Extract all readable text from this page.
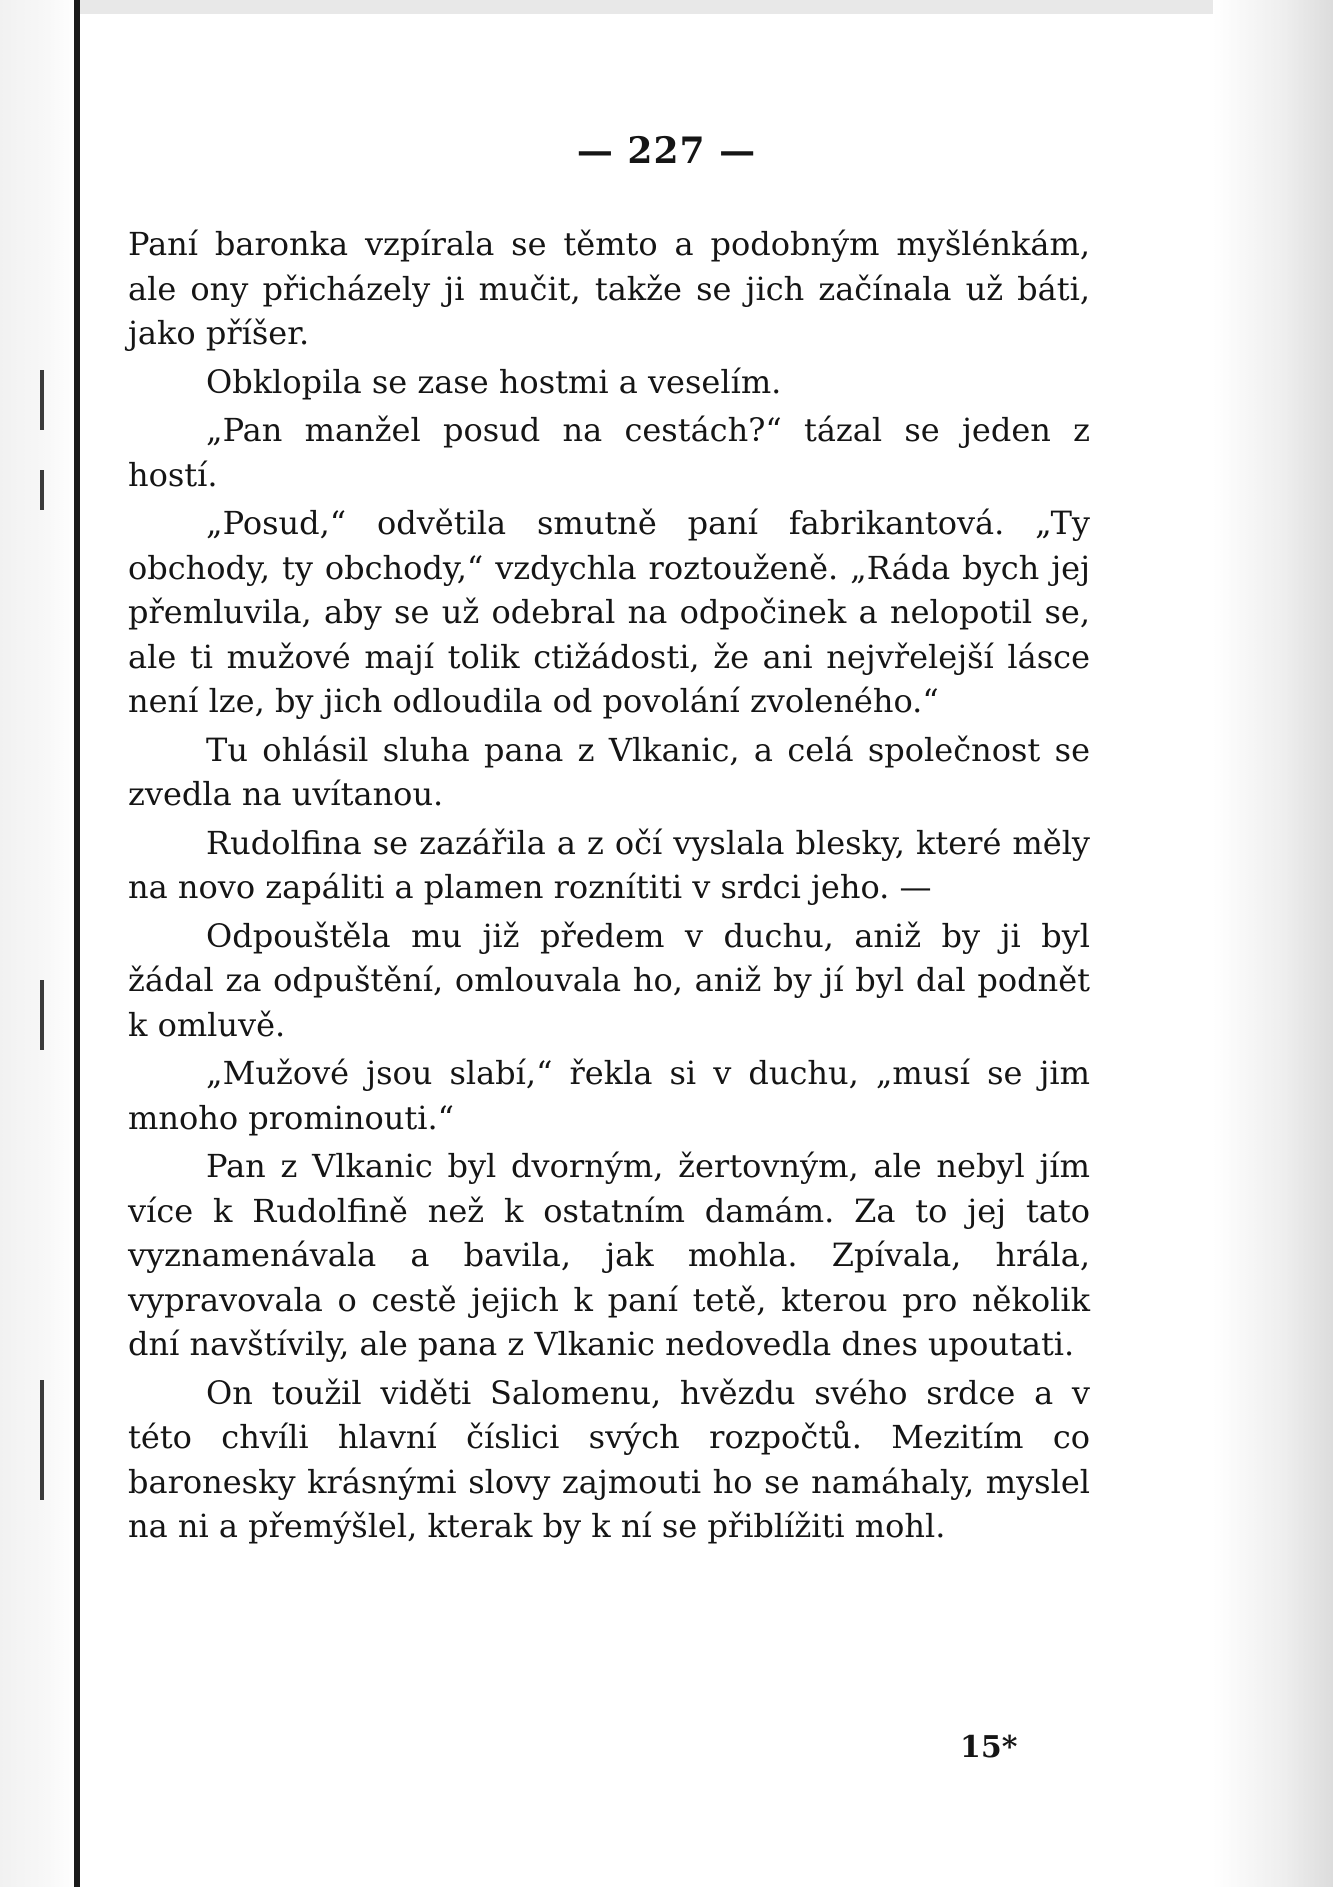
— 227 —

Paní baronka vzpírala se těmto a podobným myšlénkám, ale ony přicházely ji mučit, takže se jich začínala už báti, jako příšer.

Obklopila se zase hostmi a veselím.

„Pan manžel posud na cestách?“ tázal se jeden z hostí.

„Posud,“ odvětila smutně paní fabrikantová. „Ty obchody, ty obchody,“ vzdychla roztouženě. „Ráda bych jej přemluvila, aby se už odebral na odpočinek a nelopotil se, ale ti mužové mají tolik ctižádosti, že ani nejvřelejší lásce není lze, by jich odloudila od povolání zvoleného.“

Tu ohlásil sluha pana z Vlkanic, a celá společnost se zvedla na uvítanou.

Rudolfina se zazářila a z očí vyslala blesky, které měly na novo zapáliti a plamen roznítiti v srdci jeho. —

Odpouštěla mu již předem v duchu, aniž by ji byl žádal za odpuštění, omlouvala ho, aniž by jí byl dal podnět k omluvě.

„Mužové jsou slabí,“ řekla si v duchu, „musí se jim mnoho prominouti.“

Pan z Vlkanic byl dvorným, žertovným, ale nebyl jím více k Rudolfině než k ostatním damám. Za to jej tato vyznamenávala a bavila, jak mohla. Zpívala, hrála, vypravovala o cestě jejich k paní tetě, kterou pro několik dní navštívily, ale pana z Vlkanic nedovedla dnes upoutati.

On toužil viděti Salomenu, hvězdu svého srdce a v této chvíli hlavní číslici svých rozpočtů. Mezitím co baronesky krásnými slovy zajmouti ho se namáhaly, myslel na ni a přemýšlel, kterak by k ní se přiblížiti mohl.

15*
